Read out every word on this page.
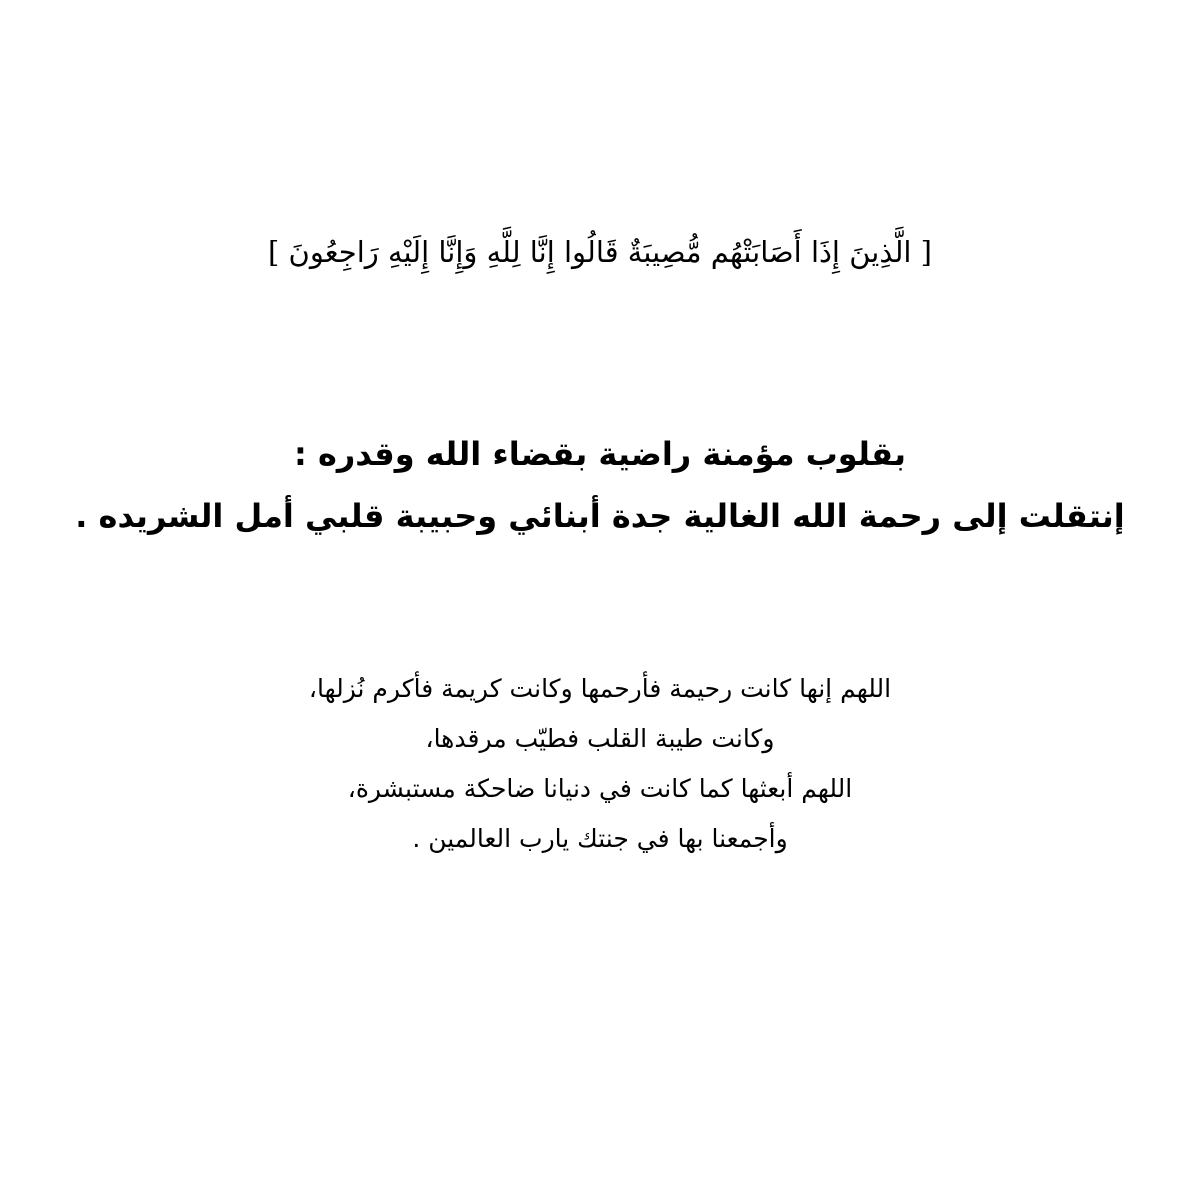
[ الَّذِينَ إِذَا أَصَابَتْهُم مُّصِيبَةٌ قَالُوا إِنَّا لِلَّهِ وَإِنَّا إِلَيْهِ رَاجِعُونَ ]
بقلوب مؤمنة راضية بقضاء الله وقدره :
إنتقلت إلى رحمة الله الغالية جدة أبنائي وحبيبة قلبي أمل الشريده .
اللهم إنها كانت رحيمة فأرحمها وكانت كريمة فأكرم نُزلها،
وكانت طيبة القلب فطيّب مرقدها،
اللهم أبعثها كما كانت في دنيانا ضاحكة مستبشرة،
وأجمعنا بها في جنتك يارب العالمين .
